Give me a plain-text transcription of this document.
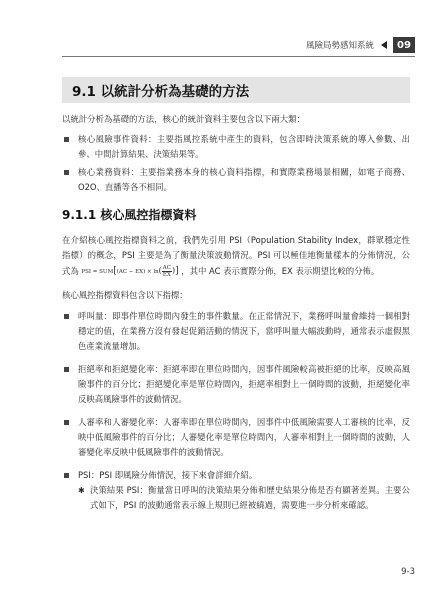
風險局勢感知系統	09
9.1 以統計分析為基礎的方法

以統計分析為基礎的方法，核心的統計資料主要包含以下兩大類：

核心風險事件資料：主要指風控系統中產生的資料，包含即時決策系統的導入參數、出參、中間計算結果、決策結果等。
核心業務資料：主要指業務本身的核心資料指標，和實際業務場景相關，如電子商務、O2O、直播等各不相同。
9.1.1 核心風控指標資料

在介紹核心風控指標資料之前，我們先引用 PSI（Population Stability Index，群眾穩定性指標）的概念，PSI 主要是為了衡量決策波動情況。PSI 可以極佳地衡量樣本的分佈情況，公式為 PSI = $SUM[(AC - EX) \times \ln( \frac{AC}{EX}$ )] ，其中 AC 表示實際分佈，EX 表示期望比較的分佈。

核心風控指標資料包含以下指標：

呼叫量：即事件單位時間內發生的事件數量。在正常情況下，業務呼叫量會維持一個相對穩定的值，在業務方沒有發起促銷活動的情況下，當呼叫量大幅波動時，通常表示虛假黑色產業流量增加。
拒絕率和拒絕變化率：拒絕率即在單位時間內，因事件風險較高被拒絕的比率，反映高風險事件的百分比；拒絕變化率是單位時間內，拒絕率相對上一個時間的波動，拒絕變化率反映高風險事件的波動情況。
人審率和人審變化率：人審率即在單位時間內，因事件中低風險需要人工審核的比率，反映中低風險事件的百分比；人審變化率是單位時間內，人審率相對上一個時間的波動，人審變化率反映中低風險事件的波動情況。
PSI：PSI 即風險分佈情況，接下來會詳細介紹。
✱ 決策結果 PSI：衡量當日呼叫的決策結果分佈和歷史結果分佈是否有顯著差異。主要公式如下，PSI 的波動通常表示線上規則已經被繞過，需要進一步分析來確認。
9-3
